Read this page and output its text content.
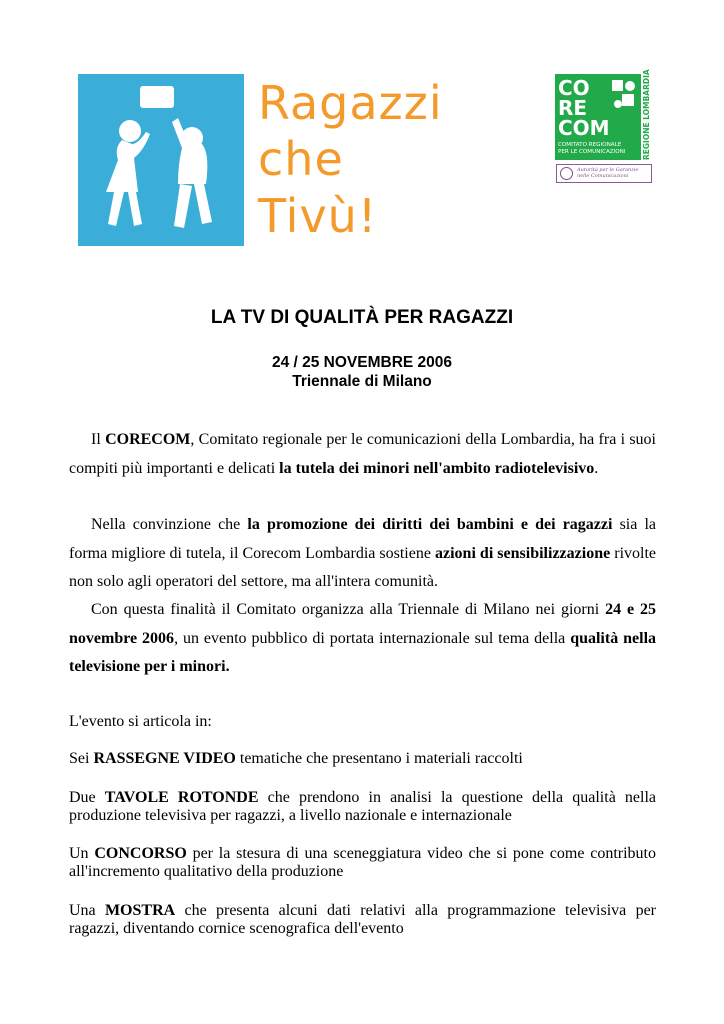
Ragazzi
che
Tivù!
CO
RE
COM
COMITATO REGIONALE
PER LE COMUNICAZIONI REGIONE LOMBARDIA
Autorità per le Garanzie nelle Comunicazioni
LA TV DI QUALITÀ PER RAGAZZI
24 / 25 NOVEMBRE 2006
Triennale di Milano

Il CORECOM, Comitato regionale per le comunicazioni della Lombardia, ha fra i suoi compiti più importanti e delicati la tutela dei minori nell'ambito radiotelevisivo.

Nella convinzione che la promozione dei diritti dei bambini e dei ragazzi sia la forma migliore di tutela, il Corecom Lombardia sostiene azioni di sensibilizzazione rivolte non solo agli operatori del settore, ma all'intera comunità.

Con questa finalità il Comitato organizza alla Triennale di Milano nei giorni 24 e 25 novembre 2006, un evento pubblico di portata internazionale sul tema della qualità nella televisione per i minori.

L'evento si articola in:

Sei RASSEGNE VIDEO tematiche che presentano i materiali raccolti

Due TAVOLE ROTONDE che prendono in analisi la questione della qualità nella produzione televisiva per ragazzi, a livello nazionale e internazionale

Un CONCORSO per la stesura di una sceneggiatura video che si pone come contributo all'incremento qualitativo della produzione

Una MOSTRA che presenta alcuni dati relativi alla programmazione televisiva per ragazzi, diventando cornice scenografica dell'evento
